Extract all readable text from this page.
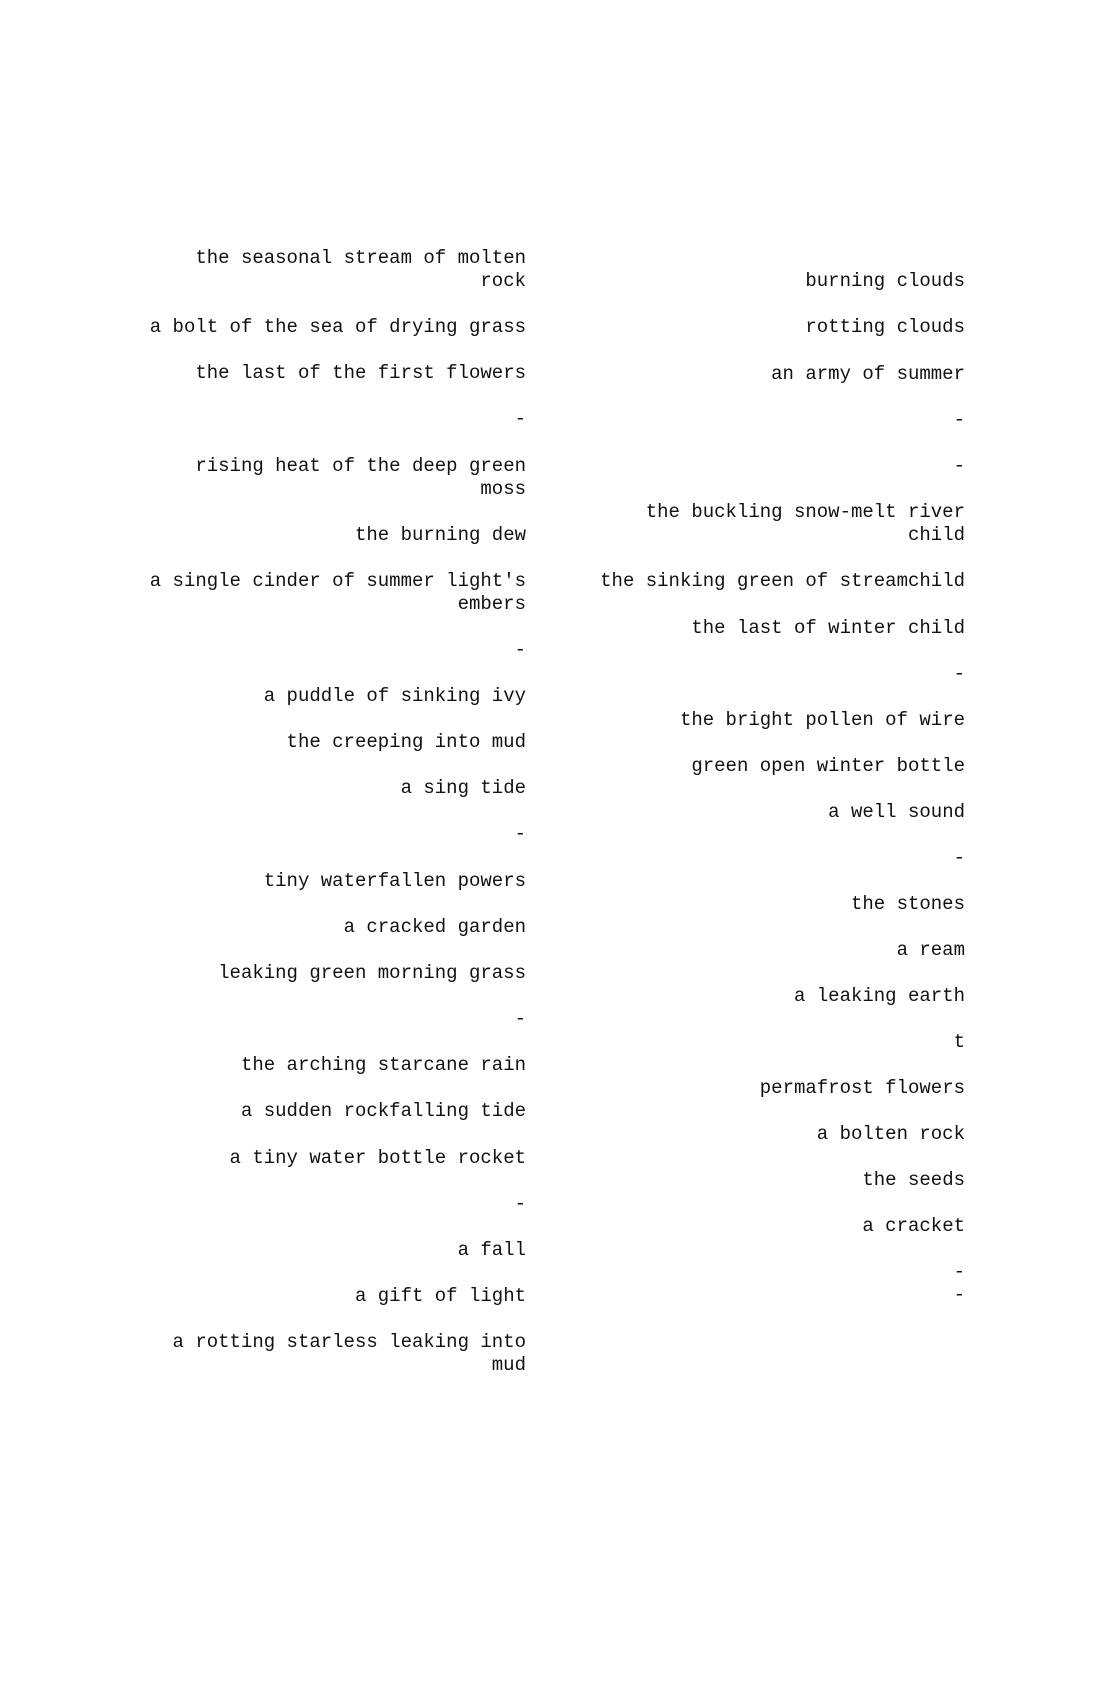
the seasonal stream of molten
rock
a bolt of the sea of drying grass
the last of the first flowers
-
rising heat of the deep green
moss
the burning dew
a single cinder of summer light's
embers
-
a puddle of sinking ivy
the creeping into mud
a sing tide
-
tiny waterfallen powers
a cracked garden
leaking green morning grass
-
the arching starcane rain
a sudden rockfalling tide
a tiny water bottle rocket
-
a fall
a gift of light
a rotting starless leaking into
mud
burning clouds
rotting clouds
an army of summer
-
-
the buckling snow-melt river
child
the sinking green of streamchild
the last of winter child
-
the bright pollen of wire
green open winter bottle
a well sound
-
the stones
a ream
a leaking earth
t
permafrost flowers
a bolten rock
the seeds
a cracket
-
-
